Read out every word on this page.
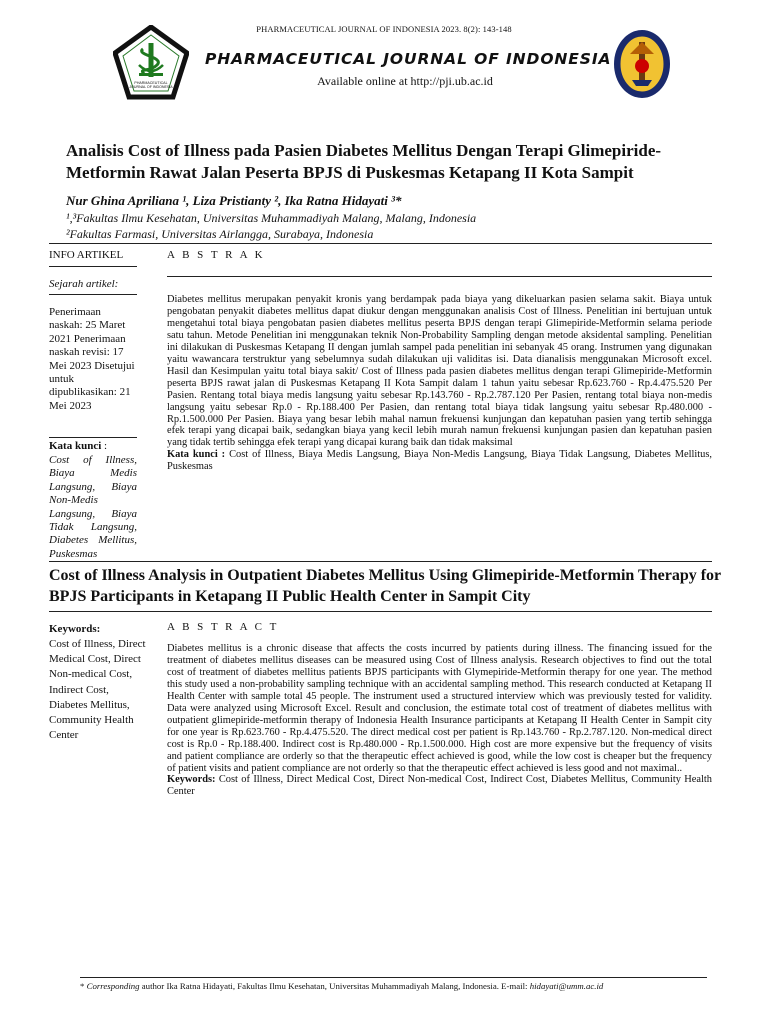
PHARMACEUTICAL JOURNAL OF INDONESIA 2023. 8(2): 143-148
PHARMACEUTICAL
JOURNAL OF INDONESIA
PHARMACEUTICAL JOURNAL OF INDONESIA
Available online at http://pji.ub.ac.id
Analisis Cost of Illness pada Pasien Diabetes Mellitus Dengan Terapi Glimepiride-Metformin Rawat Jalan Peserta BPJS di Puskesmas Ketapang II Kota Sampit
Nur Ghina Apriliana ¹, Liza Pristianty ², Ika Ratna Hidayati ³*
¹,³Fakultas Ilmu Kesehatan, Universitas Muhammadiyah Malang, Malang, Indonesia
²Fakultas Farmasi, Universitas Airlangga, Surabaya, Indonesia
INFO ARTIKEL
Sejarah artikel:
Penerimaan naskah: 25 Maret 2021 Penerimaan naskah revisi: 17 Mei 2023 Disetujui untuk dipublikasikan: 21 Mei 2023
Kata kunci :
Cost of Illness, Biaya Medis Langsung, Biaya Non-Medis Langsung, Biaya Tidak Langsung, Diabetes Mellitus, Puskesmas
A B S T R A K
Diabetes mellitus merupakan penyakit kronis yang berdampak pada biaya yang dikeluarkan pasien selama sakit. Biaya untuk pengobatan penyakit diabetes mellitus dapat diukur dengan menggunakan analisis Cost of Illness. Penelitian ini bertujuan untuk mengetahui total biaya pengobatan pasien diabetes mellitus peserta BPJS dengan terapi Glimepiride-Metformin selama periode satu tahun. Metode Penelitian ini menggunakan teknik Non-Probability Sampling dengan metode aksidental sampling. Penelitian ini dilakukan di Puskesmas Ketapang II dengan jumlah sampel pada penelitian ini sebanyak 45 orang. Instrumen yang digunakan yaitu wawancara terstruktur yang sebelumnya sudah dilakukan uji validitas isi. Data dianalisis menggunakan Microsoft excel. Hasil dan Kesimpulan yaitu total biaya sakit/ Cost of Illness pada pasien diabetes mellitus dengan terapi Glimepiride-Metformin peserta BPJS rawat jalan di Puskesmas Ketapang II Kota Sampit dalam 1 tahun yaitu sebesar Rp.623.760 - Rp.4.475.520 Per Pasien. Rentang total biaya medis langsung yaitu sebesar Rp.143.760 - Rp.2.787.120 Per Pasien, rentang total biaya non-medis langsung yaitu sebesar Rp.0 - Rp.188.400 Per Pasien, dan rentang total biaya tidak langsung yaitu sebesar Rp.480.000 - Rp.1.500.000 Per Pasien. Biaya yang besar lebih mahal namun frekuensi kunjungan dan kepatuhan pasien yang tertib sehingga efek terapi yang dicapai baik, sedangkan biaya yang kecil lebih murah namun frekuensi kunjungan pasien dan kepatuhan pasien yang tidak tertib sehingga efek terapi yang dicapai kurang baik dan tidak maksimal
Kata kunci : Cost of Illness, Biaya Medis Langsung, Biaya Non-Medis Langsung, Biaya Tidak Langsung, Diabetes Mellitus, Puskesmas
Cost of Illness Analysis in Outpatient Diabetes Mellitus Using Glimepiride-Metformin Therapy for BPJS Participants in Ketapang II Public Health Center in Sampit City
Keywords:
Cost of Illness, Direct Medical Cost, Direct Non-medical Cost, Indirect Cost, Diabetes Mellitus, Community Health Center
A B S T R A C T
Diabetes mellitus is a chronic disease that affects the costs incurred by patients during illness. The financing issued for the treatment of diabetes mellitus diseases can be measured using Cost of Illness analysis. Research objectives to find out the total cost of treatment of diabetes mellitus patients BPJS participants with Glymepiride-Metformin therapy for one year. The method this study used a non-probability sampling technique with an accidental sampling method. This research conducted at Ketapang II Health Center with sample total 45 people. The instrument used a structured interview which was previously tested for validity. Data were analyzed using Microsoft Excel. Result and conclusion, the estimate total cost of treatment of diabetes mellitus with outpatient glimepiride-metformin therapy of Indonesia Health Insurance participants at Ketapang II Health Center in Sampit city for one year is Rp.623.760 - Rp.4.475.520. The direct medical cost per patient is Rp.143.760 - Rp.2.787.120. Non-medical direct cost is Rp.0 - Rp.188.400. Indirect cost is Rp.480.000 - Rp.1.500.000. High cost are more expensive but the frequency of visits and patient compliance are orderly so that the therapeutic effect achieved is good, while the low cost is cheaper but the frequency of patient visits and patient compliance are not orderly so that the therapeutic effect achieved is less good and not maximal..
Keywords: Cost of Illness, Direct Medical Cost, Direct Non-medical Cost, Indirect Cost, Diabetes Mellitus, Community Health Center
* Corresponding author Ika Ratna Hidayati, Fakultas Ilmu Kesehatan, Universitas Muhammadiyah Malang, Indonesia. E-mail: hidayati@umm.ac.id
